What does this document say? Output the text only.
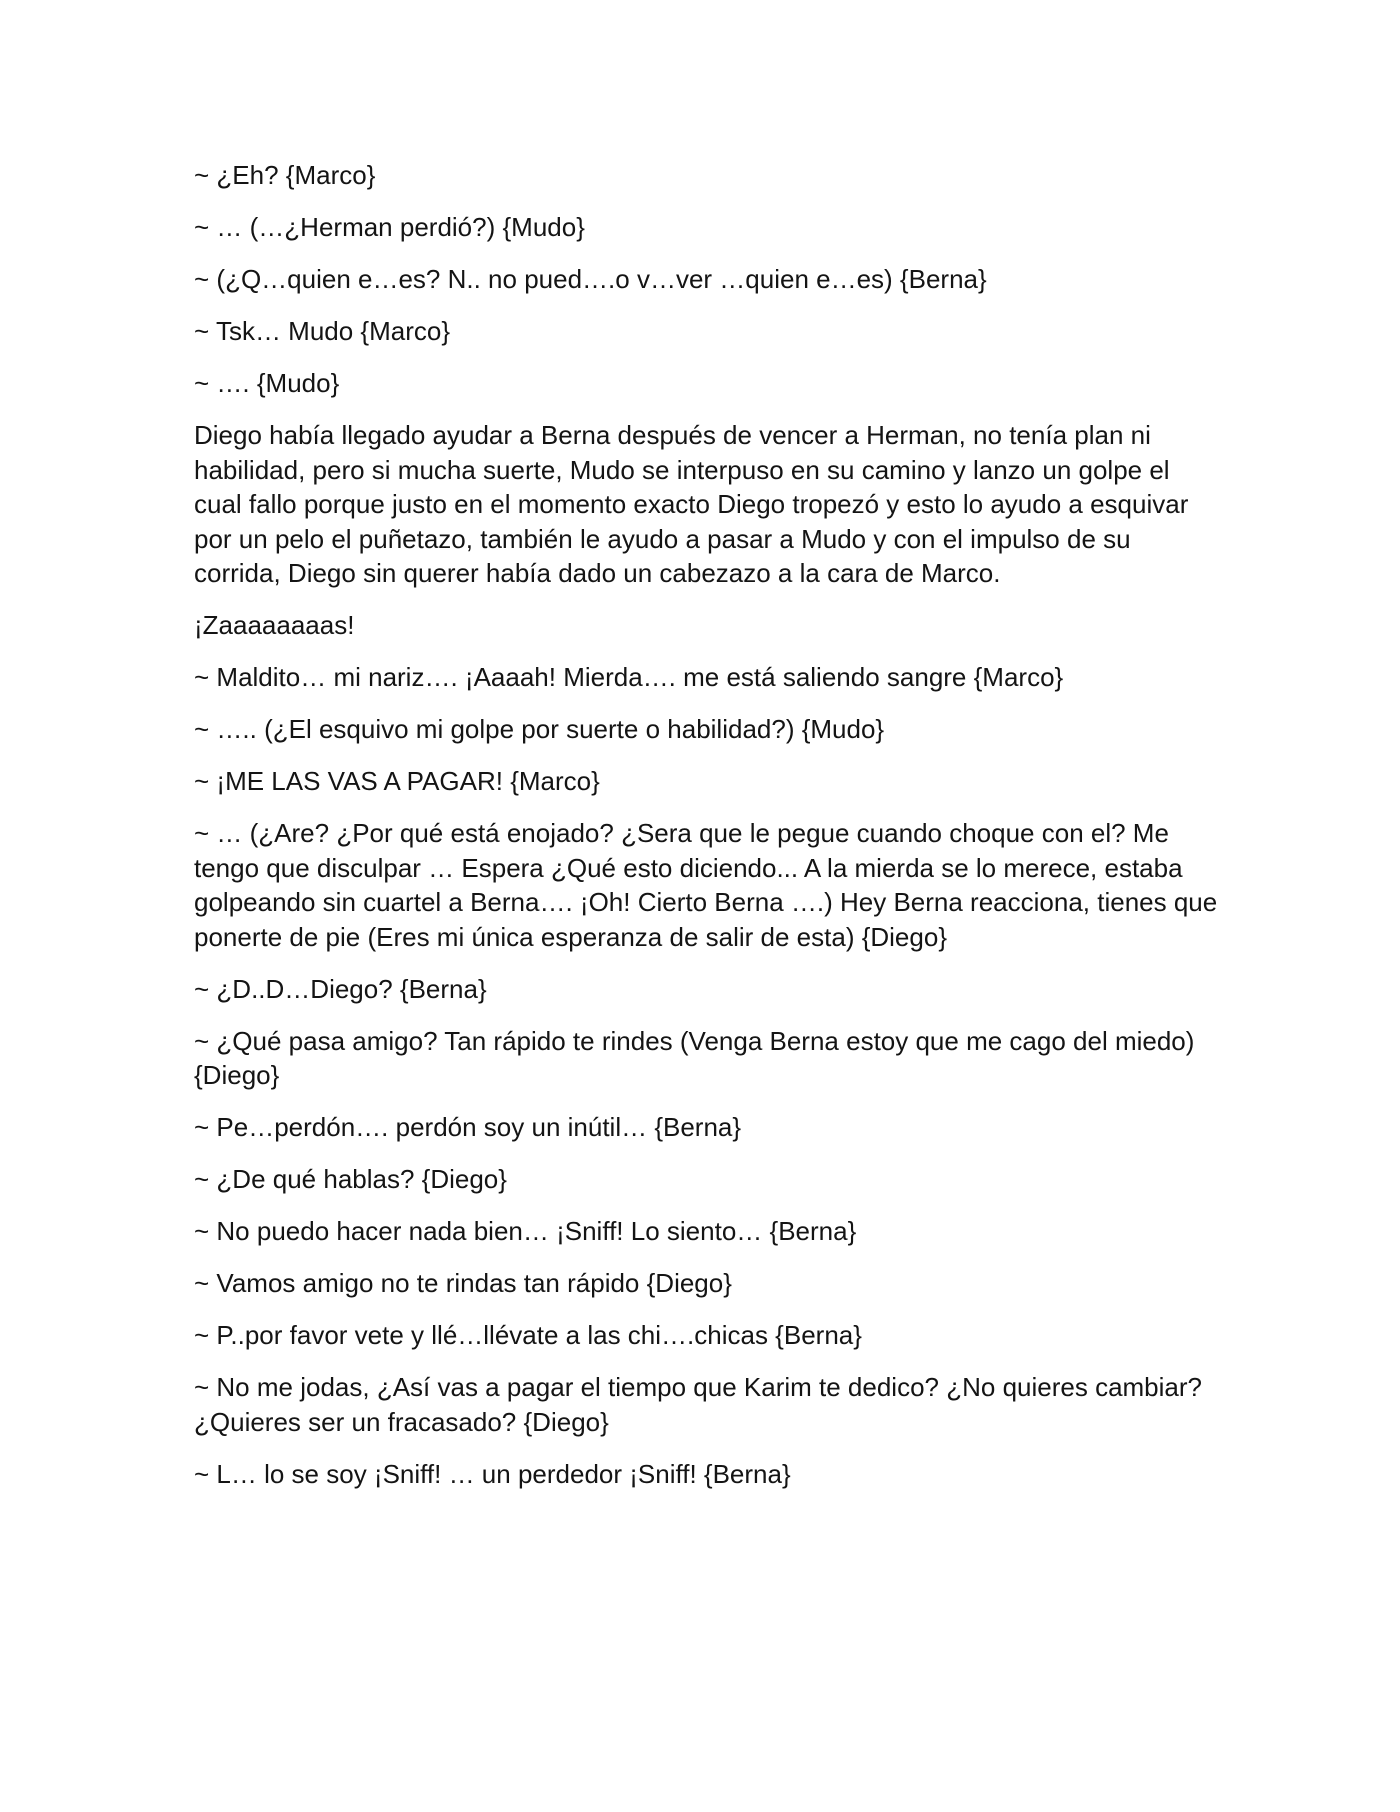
~ ¿Eh? {Marco}

~ … (…¿Herman perdió?) {Mudo}

~ (¿Q…quien e…es? N.. no pued….o v…ver …quien e…es) {Berna}

~ Tsk… Mudo {Marco}

~ …. {Mudo}

Diego había llegado ayudar a Berna después de vencer a Herman, no tenía plan ni habilidad, pero si mucha suerte, Mudo se interpuso en su camino y lanzo un golpe el cual fallo porque justo en el momento exacto Diego tropezó y esto lo ayudo a esquivar por un pelo el puñetazo, también le ayudo a pasar a Mudo y con el impulso de su corrida, Diego sin querer había dado un cabezazo a la cara de Marco.

¡Zaaaaaaaas!

~ Maldito… mi nariz…. ¡Aaaah! Mierda…. me está saliendo sangre {Marco}

~ ….. (¿El esquivo mi golpe por suerte o habilidad?) {Mudo}

~ ¡ME LAS VAS A PAGAR! {Marco}

~ … (¿Are? ¿Por qué está enojado? ¿Sera que le pegue cuando choque con el? Me tengo que disculpar … Espera ¿Qué esto diciendo... A la mierda se lo merece, estaba golpeando sin cuartel a Berna…. ¡Oh! Cierto Berna ….) Hey Berna reacciona, tienes que ponerte de pie (Eres mi única esperanza de salir de esta) {Diego}

~ ¿D..D…Diego? {Berna}

~ ¿Qué pasa amigo? Tan rápido te rindes (Venga Berna estoy que me cago del miedo) {Diego}

~ Pe…perdón…. perdón soy un inútil… {Berna}

~ ¿De qué hablas? {Diego}

~ No puedo hacer nada bien… ¡Sniff! Lo siento… {Berna}

~ Vamos amigo no te rindas tan rápido {Diego}

~ P..por favor vete y llé…llévate a las chi….chicas {Berna}

~ No me jodas, ¿Así vas a pagar el tiempo que Karim te dedico? ¿No quieres cambiar? ¿Quieres ser un fracasado? {Diego}

~ L… lo se soy ¡Sniff! … un perdedor ¡Sniff! {Berna}
